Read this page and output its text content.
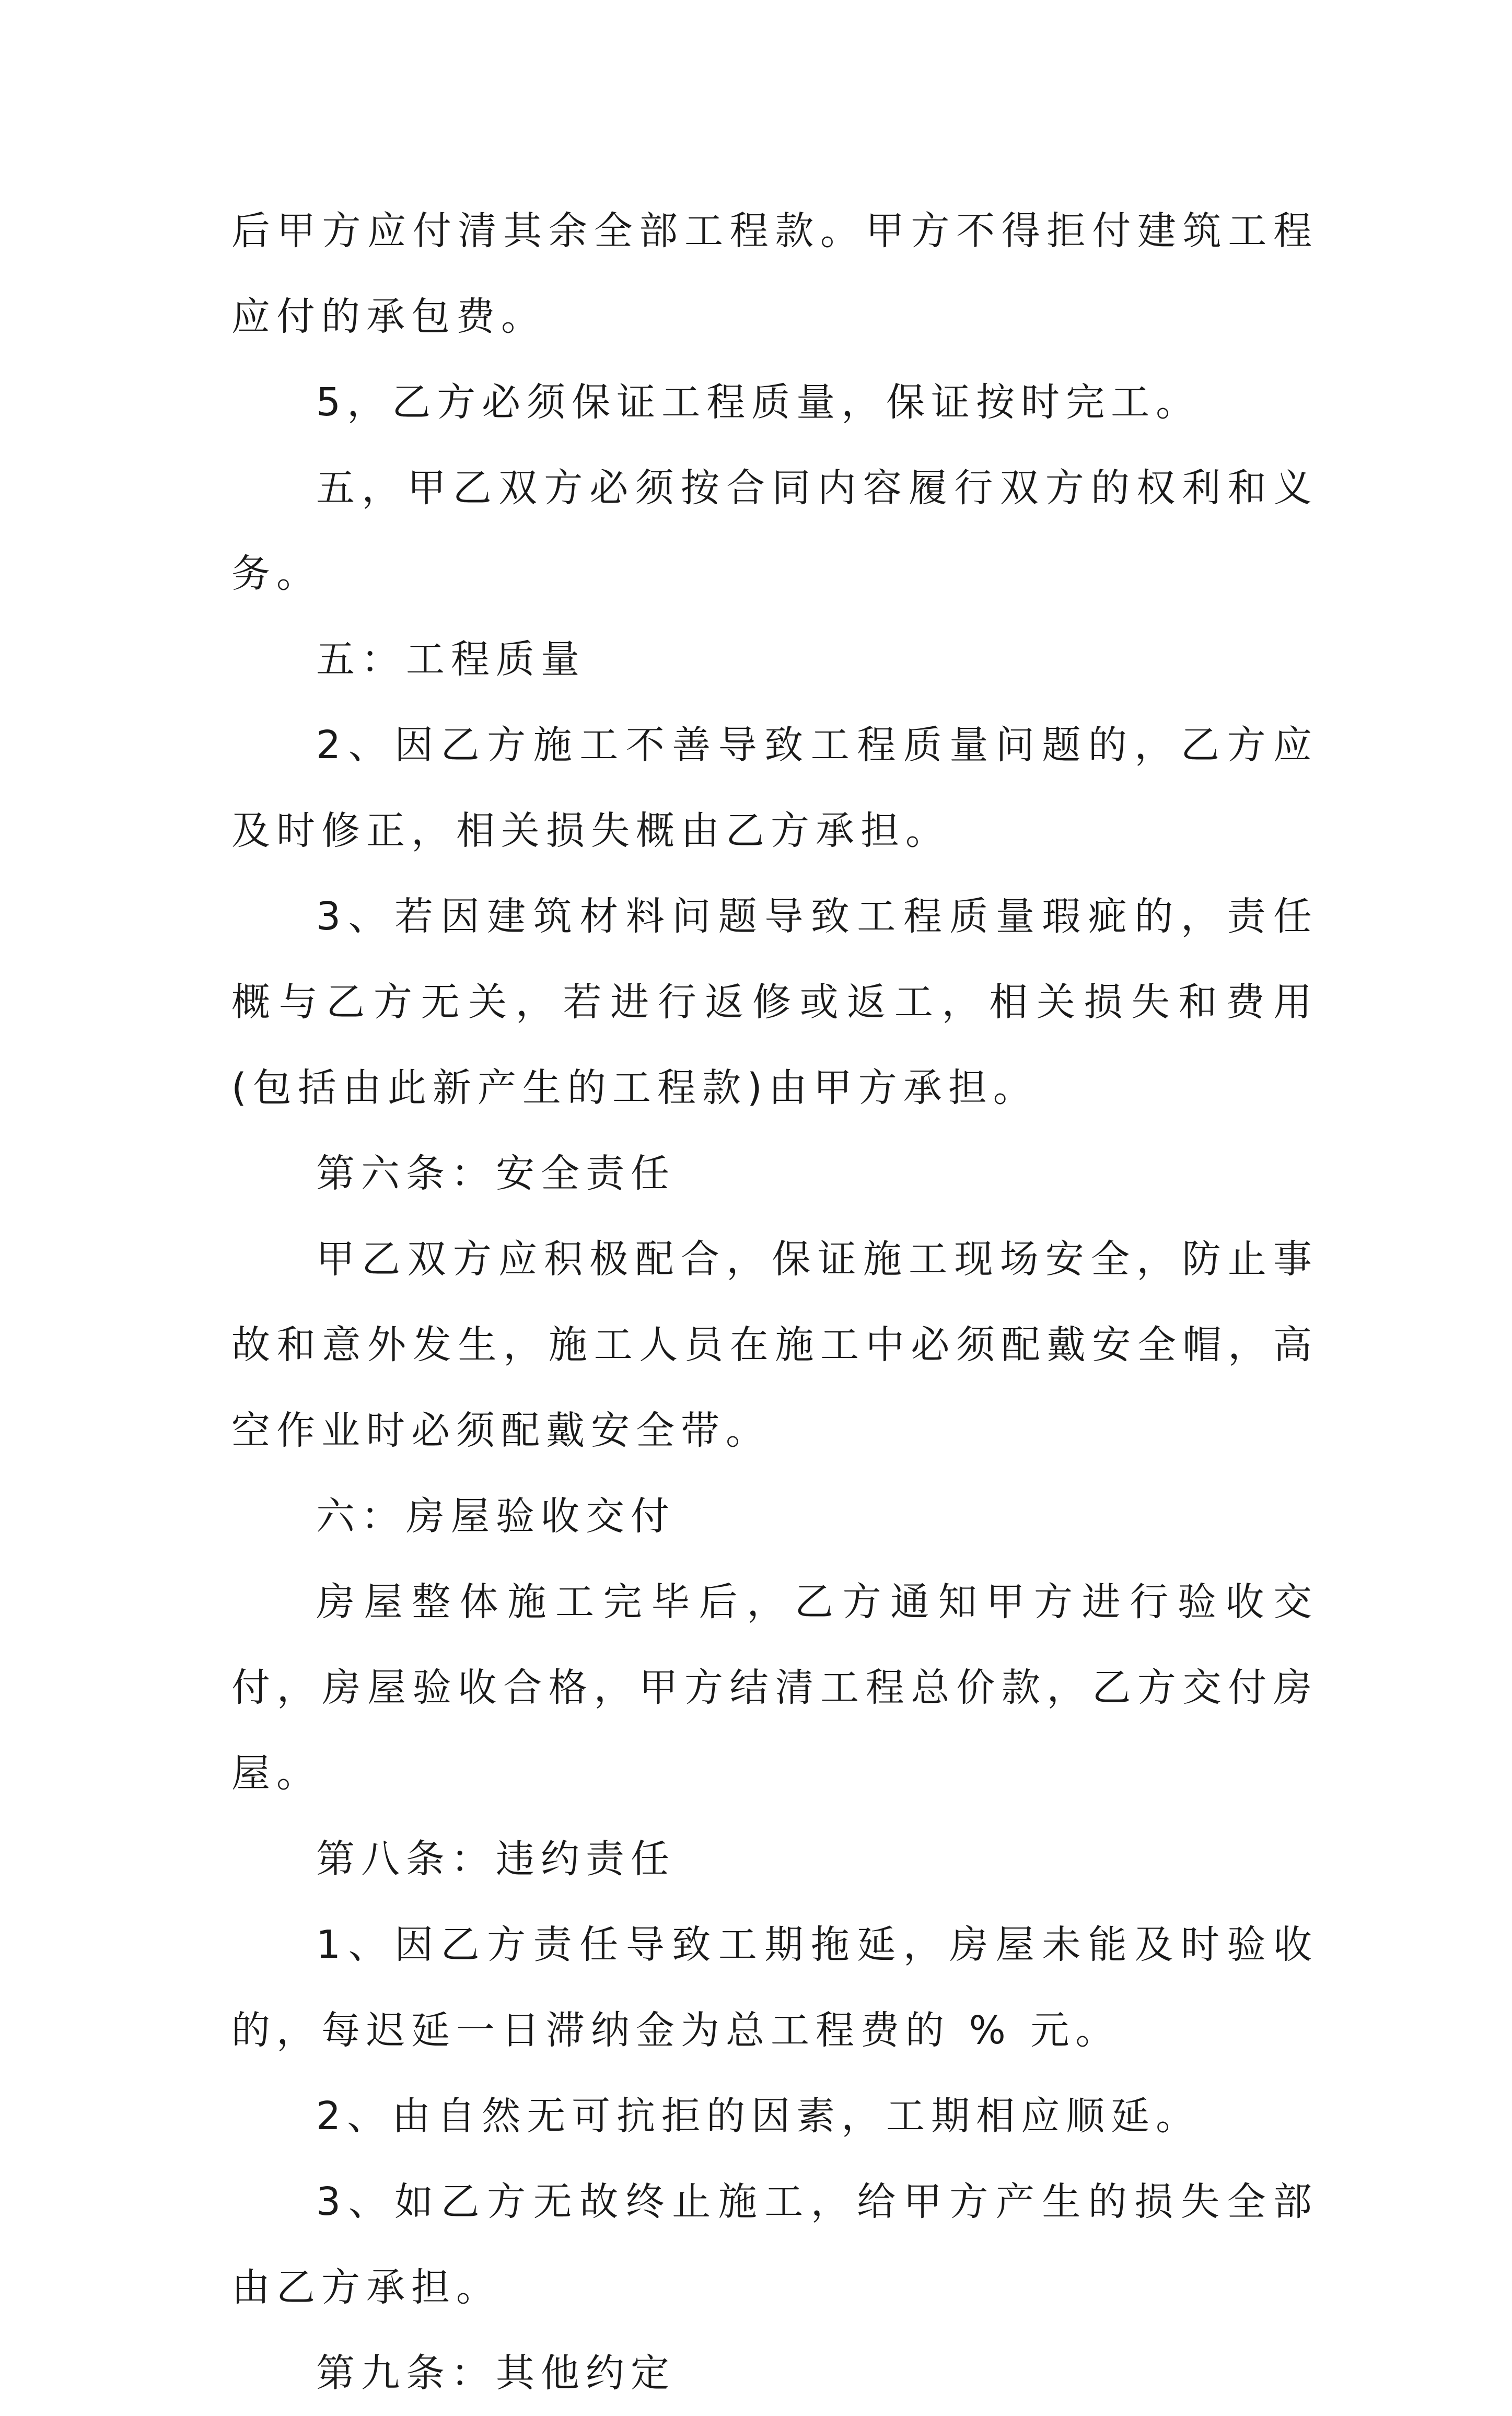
后甲方应付清其余全部工程款。甲方不得拒付建筑工程应付的承包费。

5，乙方必须保证工程质量，保证按时完工。

五，甲乙双方必须按合同内容履行双方的权利和义务。

五：工程质量

2、因乙方施工不善导致工程质量问题的，乙方应及时修正，相关损失概由乙方承担。

3、若因建筑材料问题导致工程质量瑕疵的，责任概与乙方无关，若进行返修或返工，相关损失和费用(包括由此新产生的工程款)由甲方承担。

第六条：安全责任

甲乙双方应积极配合，保证施工现场安全，防止事故和意外发生，施工人员在施工中必须配戴安全帽，高空作业时必须配戴安全带。

六：房屋验收交付

房屋整体施工完毕后，乙方通知甲方进行验收交付，房屋验收合格，甲方结清工程总价款，乙方交付房屋。

第八条：违约责任

1、因乙方责任导致工期拖延，房屋未能及时验收的，每迟延一日滞纳金为总工程费的 % 元。

2、由自然无可抗拒的因素，工期相应顺延。

3、如乙方无故终止施工，给甲方产生的损失全部由乙方承担。

第九条：其他约定
